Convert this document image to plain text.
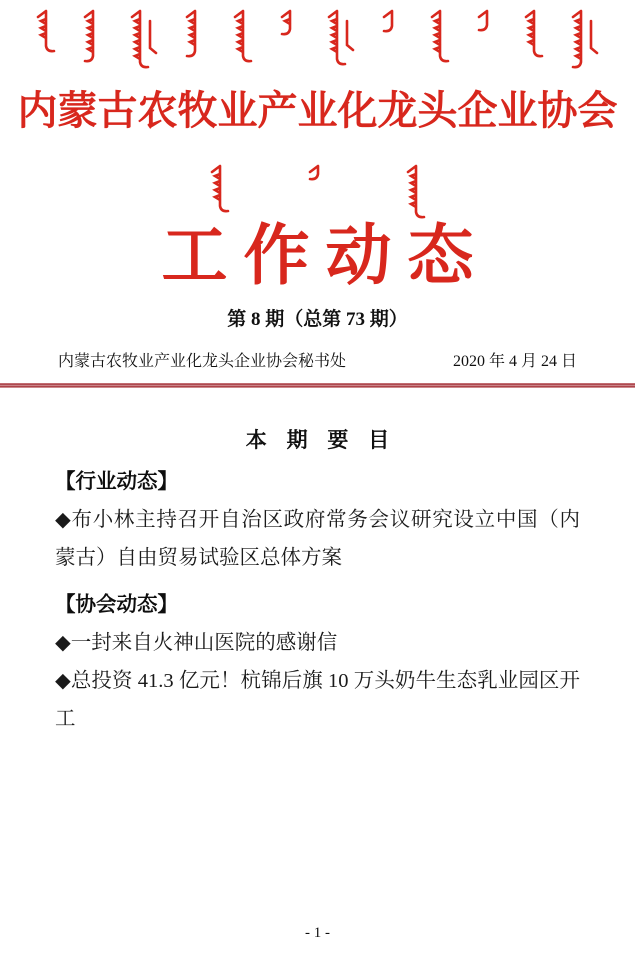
内蒙古农牧业产业化龙头企业协会
工作动态
第 8 期（总第 73 期）
内蒙古农牧业产业化龙头企业协会秘书处	2020 年 4 月 24 日
本 期 要 目
【行业动态】

◆布小林主持召开自治区政府常务会议研究设立中国（内蒙古）自由贸易试验区总体方案

【协会动态】

◆一封来自火神山医院的感谢信

◆总投资 41.3 亿元！杭锦后旗 10 万头奶牛生态乳业园区开工

- 1 -
